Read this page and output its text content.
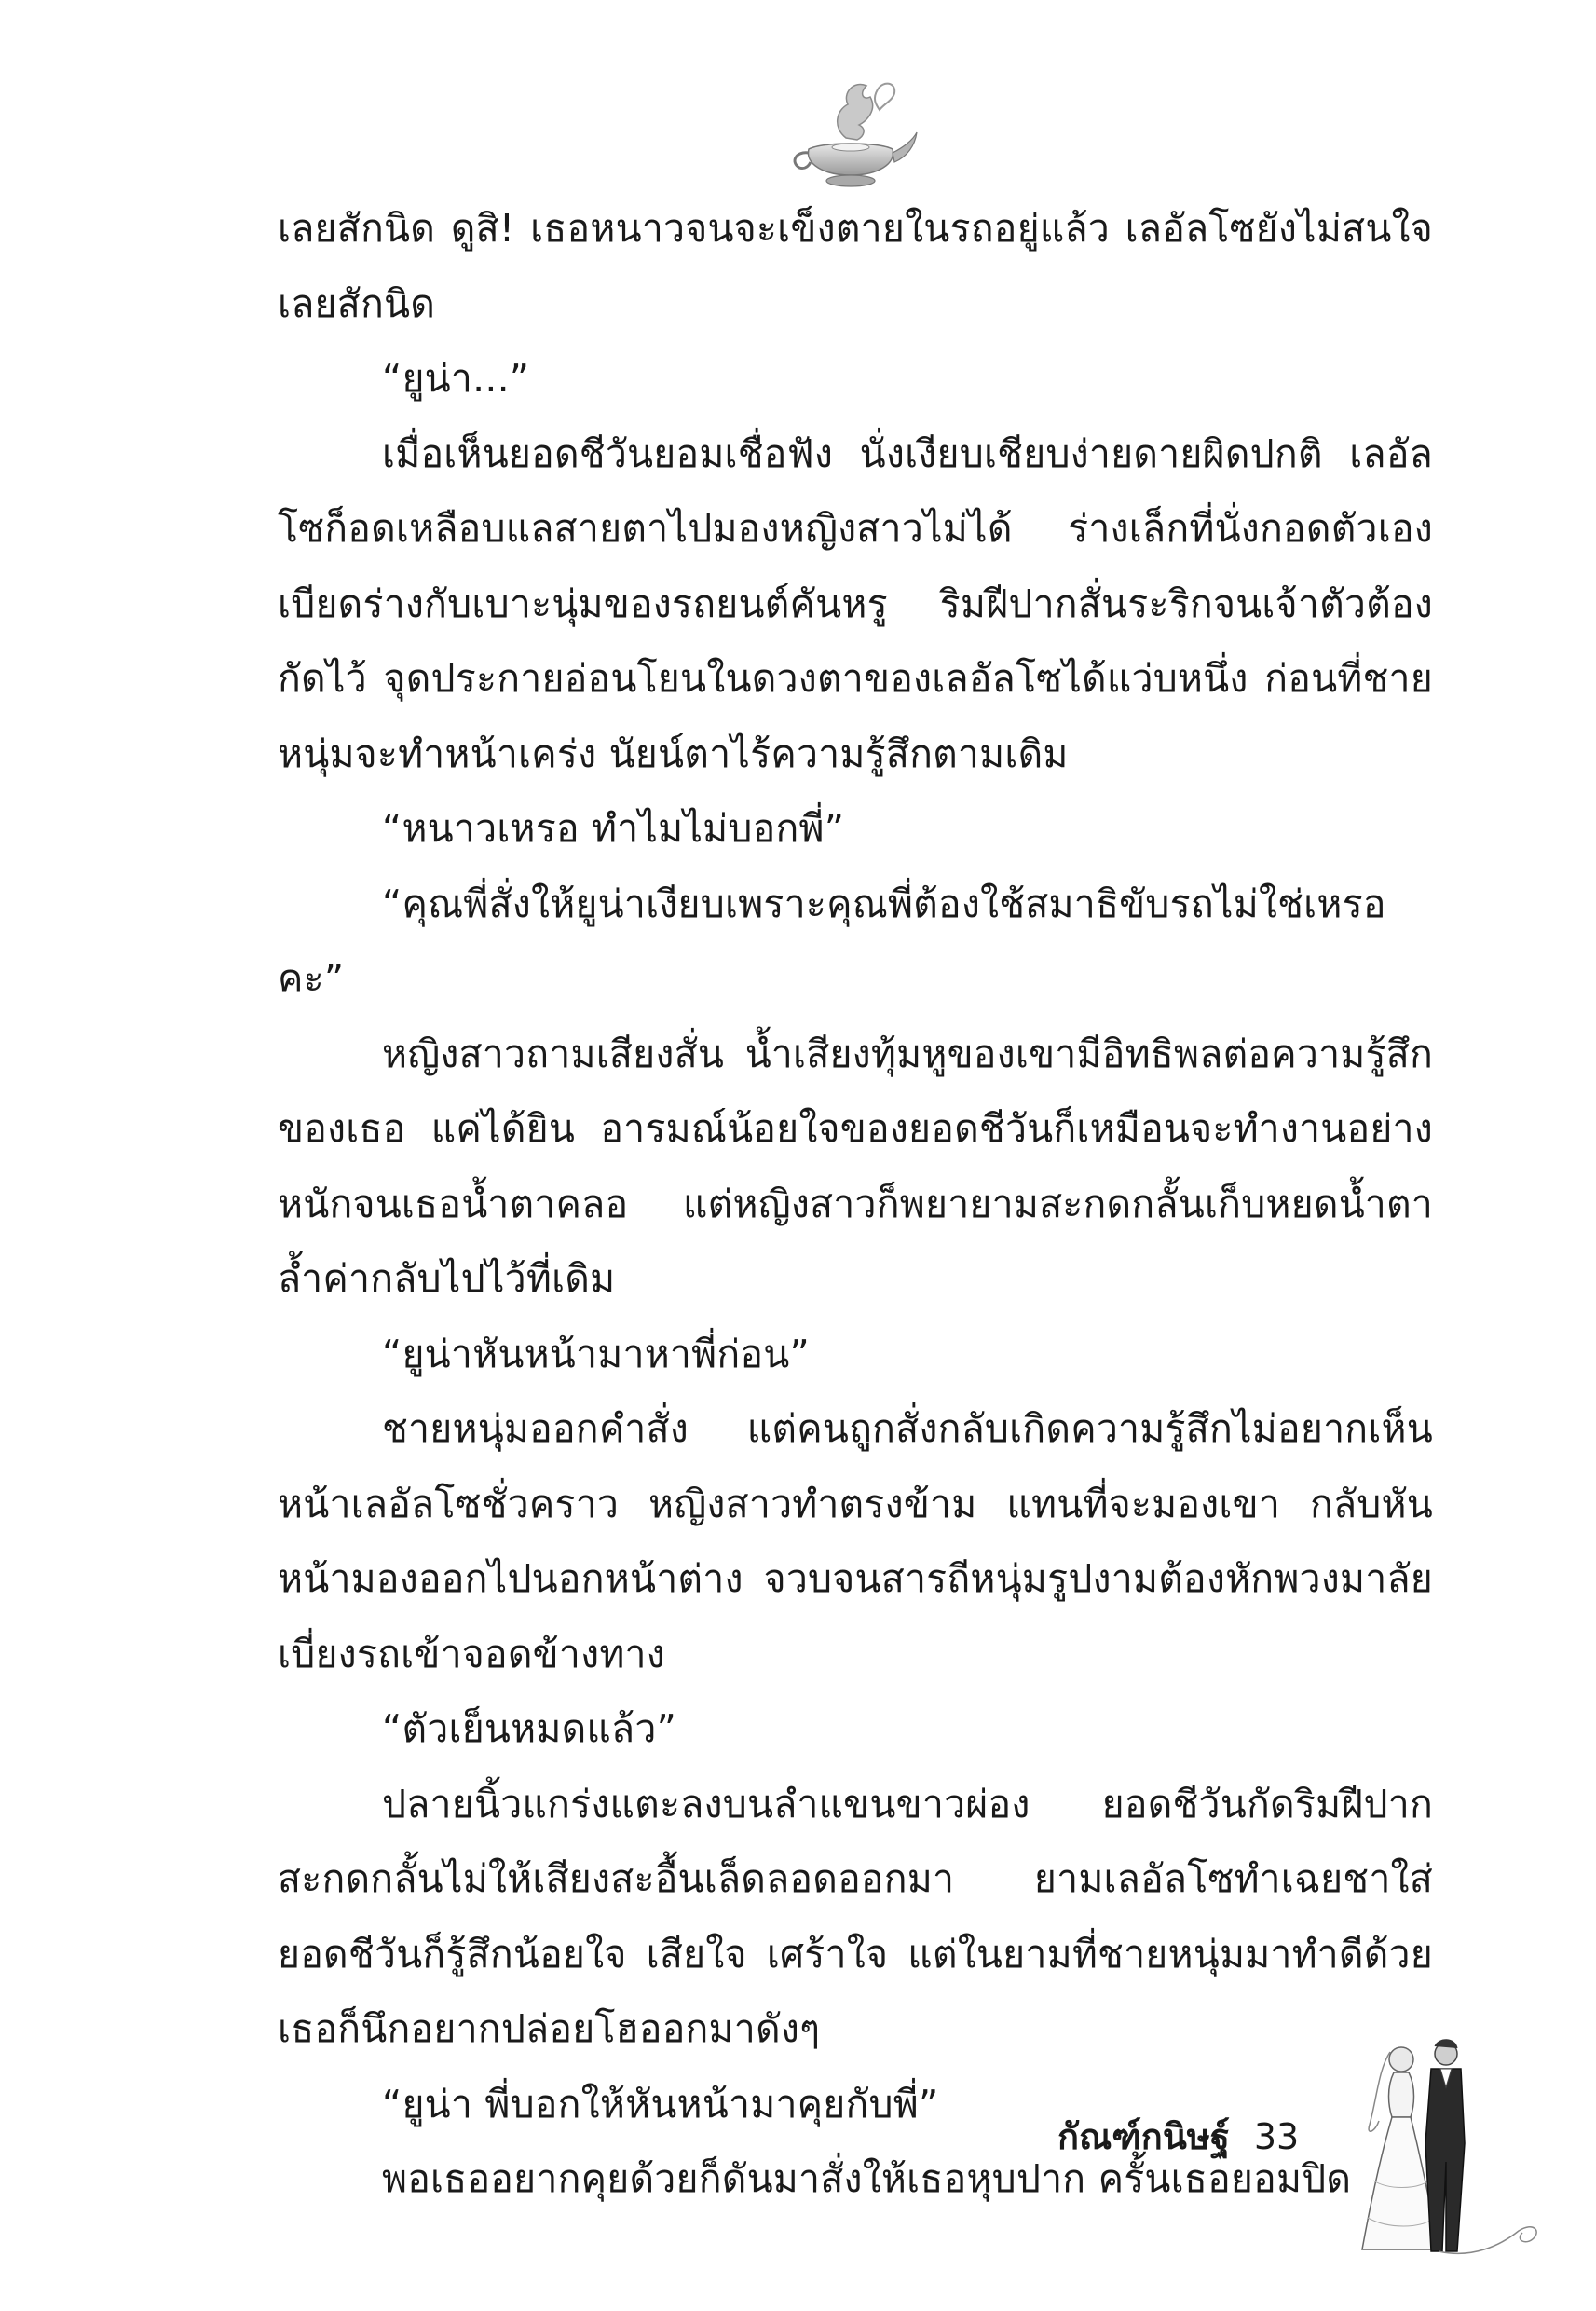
เลยสักนิด ดูสิ! เธอหนาวจนจะเข็งตายในรถอยู่แล้ว เลอัลโซยังไม่สนใจเลยสักนิด

“ยูน่า...”

เมื่อเห็นยอดชีวันยอมเชื่อฟัง นั่งเงียบเชียบง่ายดายผิดปกติ เลอัลโซก็อดเหลือบแลสายตาไปมองหญิงสาวไม่ได้ ร่างเล็กที่นั่งกอดตัวเองเบียดร่างกับเบาะนุ่มของรถยนต์คันหรู ริมฝีปากสั่นระริกจนเจ้าตัวต้องกัดไว้ จุดประกายอ่อนโยนในดวงตาของเลอัลโซได้แว่บหนึ่ง ก่อนที่ชายหนุ่มจะทำหน้าเคร่ง นัยน์ตาไร้ความรู้สึกตามเดิม

“หนาวเหรอ ทำไมไม่บอกพี่”

“คุณพี่สั่งให้ยูน่าเงียบเพราะคุณพี่ต้องใช้สมาธิขับรถไม่ใช่เหรอคะ”

หญิงสาวถามเสียงสั่น น้ำเสียงทุ้มหูของเขามีอิทธิพลต่อความรู้สึกของเธอ แค่ได้ยิน อารมณ์น้อยใจของยอดชีวันก็เหมือนจะทำงานอย่างหนักจนเธอน้ำตาคลอ แต่หญิงสาวก็พยายามสะกดกลั้นเก็บหยดน้ำตาล้ำค่ากลับไปไว้ที่เดิม

“ยูน่าหันหน้ามาหาพี่ก่อน”

ชายหนุ่มออกคำสั่ง แต่คนถูกสั่งกลับเกิดความรู้สึกไม่อยากเห็นหน้าเลอัลโซชั่วคราว หญิงสาวทำตรงข้าม แทนที่จะมองเขา กลับหันหน้ามองออกไปนอกหน้าต่าง จวบจนสารถีหนุ่มรูปงามต้องหักพวงมาลัยเบี่ยงรถเข้าจอดข้างทาง

“ตัวเย็นหมดแล้ว”

ปลายนิ้วแกร่งแตะลงบนลำแขนขาวผ่อง ยอดชีวันกัดริมฝีปากสะกดกลั้นไม่ให้เสียงสะอื้นเล็ดลอดออกมา ยามเลอัลโซทำเฉยชาใส่ยอดชีวันก็รู้สึกน้อยใจ เสียใจ เศร้าใจ แต่ในยามที่ชายหนุ่มมาทำดีด้วยเธอก็นึกอยากปล่อยโฮออกมาดังๆ

“ยูน่า พี่บอกให้หันหน้ามาคุยกับพี่”

พอเธออยากคุยด้วยก็ดันมาสั่งให้เธอหุบปาก ครั้นเธอยอมปิด

กัณฑ์กนิษฐ์ 33
